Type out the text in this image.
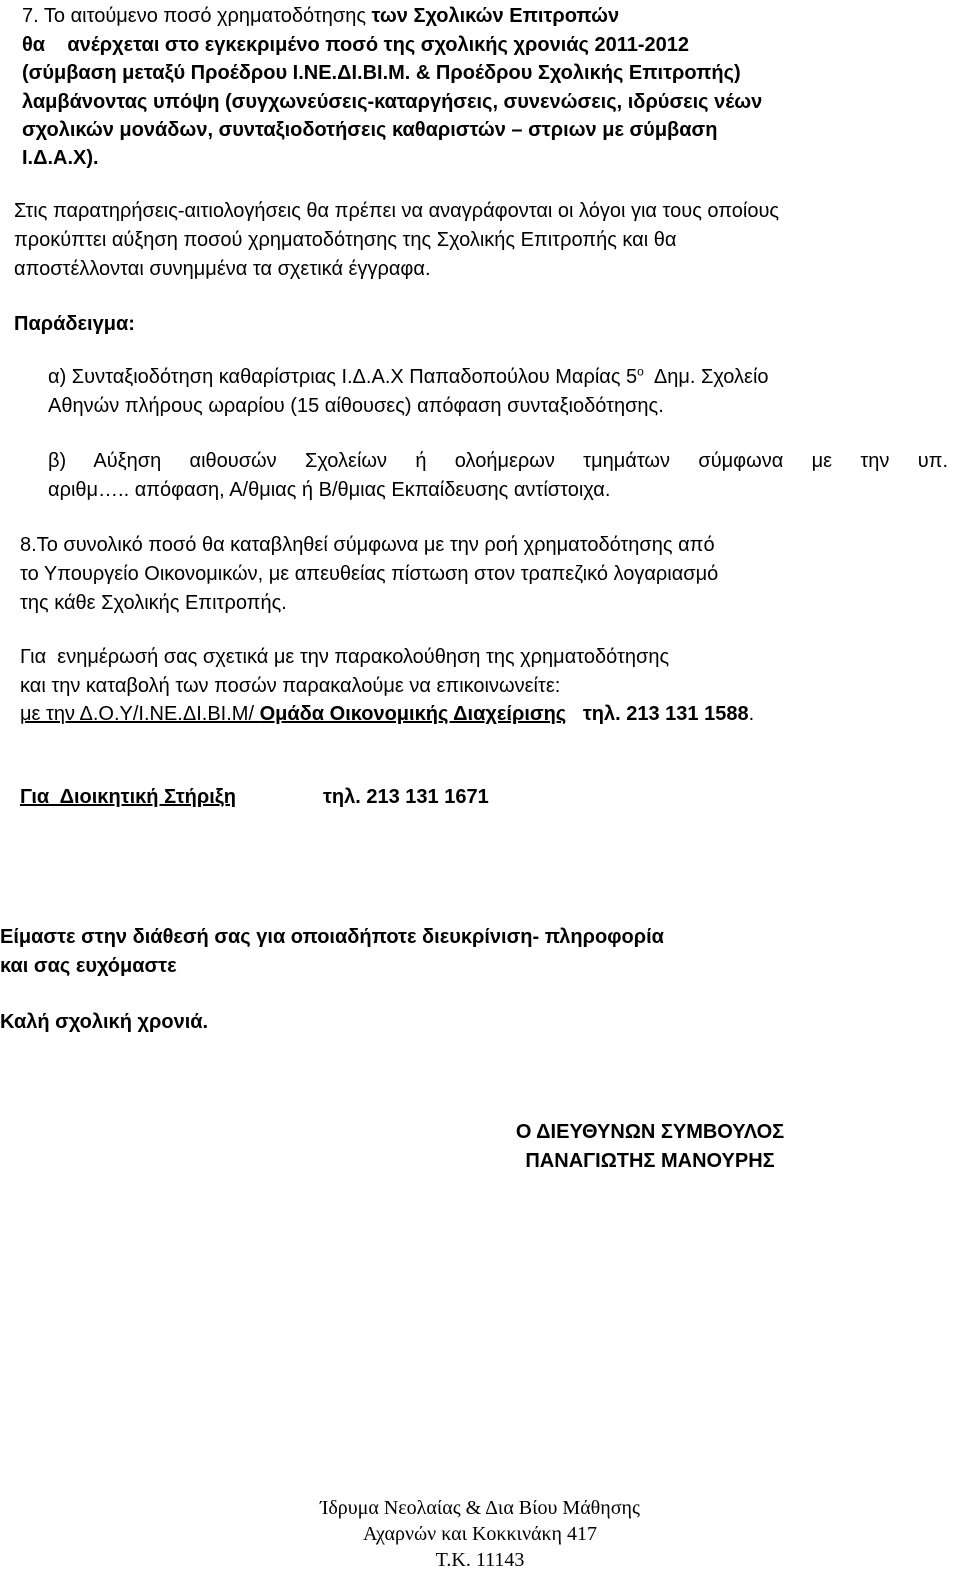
7. Το αιτούμενο ποσό χρηματοδότησης των Σχολικών Επιτροπών
θα    ανέρχεται στο εγκεκριμένο ποσό της σχολικής χρονιάς 2011-2012
(σύμβαση μεταξύ Προέδρου Ι.ΝΕ.ΔΙ.ΒΙ.Μ. & Προέδρου Σχολικής Επιτροπής)
λαμβάνοντας υπόψη (συγχωνεύσεις-καταργήσεις, συνενώσεις, ιδρύσεις νέων
σχολικών μονάδων, συνταξιοδοτήσεις καθαριστών – στριων με σύμβαση
Ι.Δ.Α.Χ).
Στις παρατηρήσεις-αιτιολογήσεις θα πρέπει να αναγράφονται οι λόγοι για τους οποίους
προκύπτει αύξηση ποσού χρηματοδότησης της Σχολικής Επιτροπής και θα
αποστέλλονται συνημμένα τα σχετικά έγγραφα.
Παράδειγμα:
α) Συνταξιοδότηση καθαρίστριας Ι.Δ.Α.Χ Παπαδοπούλου Μαρίας $5^o$  Δημ. Σχολείο
Αθηνών πλήρους ωραρίου (15 αίθουσες) απόφαση συνταξιοδότησης.
β) Αύξηση αιθουσών Σχολείων ή ολοήμερων τμημάτων σύμφωνα με την υπ.
αριθμ….. απόφαση, Α/θμιας ή Β/θμιας Εκπαίδευσης αντίστοιχα.
8.Το συνολικό ποσό θα καταβληθεί σύμφωνα με την ροή χρηματοδότησης από
το Υπουργείο Οικονομικών, με απευθείας πίστωση στον τραπεζικό λογαριασμό
της κάθε Σχολικής Επιτροπής.
Για  ενημέρωσή σας σχετικά με την παρακολούθηση της χρηματοδότησης
και την καταβολή των ποσών παρακαλούμε να επικοινωνείτε:
με την Δ.Ο.Υ/Ι.ΝΕ.ΔΙ.ΒΙ.Μ/ Ομάδα Οικονομικής Διαχείρισης   τηλ. 213 131 1588.
Για  Διοικητική Στήριξη	τηλ. 213 131 1671
Είμαστε στην διάθεσή σας για οποιαδήποτε διευκρίνιση- πληροφορία
και σας ευχόμαστε
Καλή σχολική χρονιά.
Ο ΔΙΕΥΘΥΝΩΝ ΣΥΜΒΟΥΛΟΣ
ΠΑΝΑΓΙΩΤΗΣ ΜΑΝΟΥΡΗΣ
Ίδρυμα Νεολαίας & Δια Βίου Μάθησης
Αχαρνών και Κοκκινάκη 417
Τ.Κ. 11143
